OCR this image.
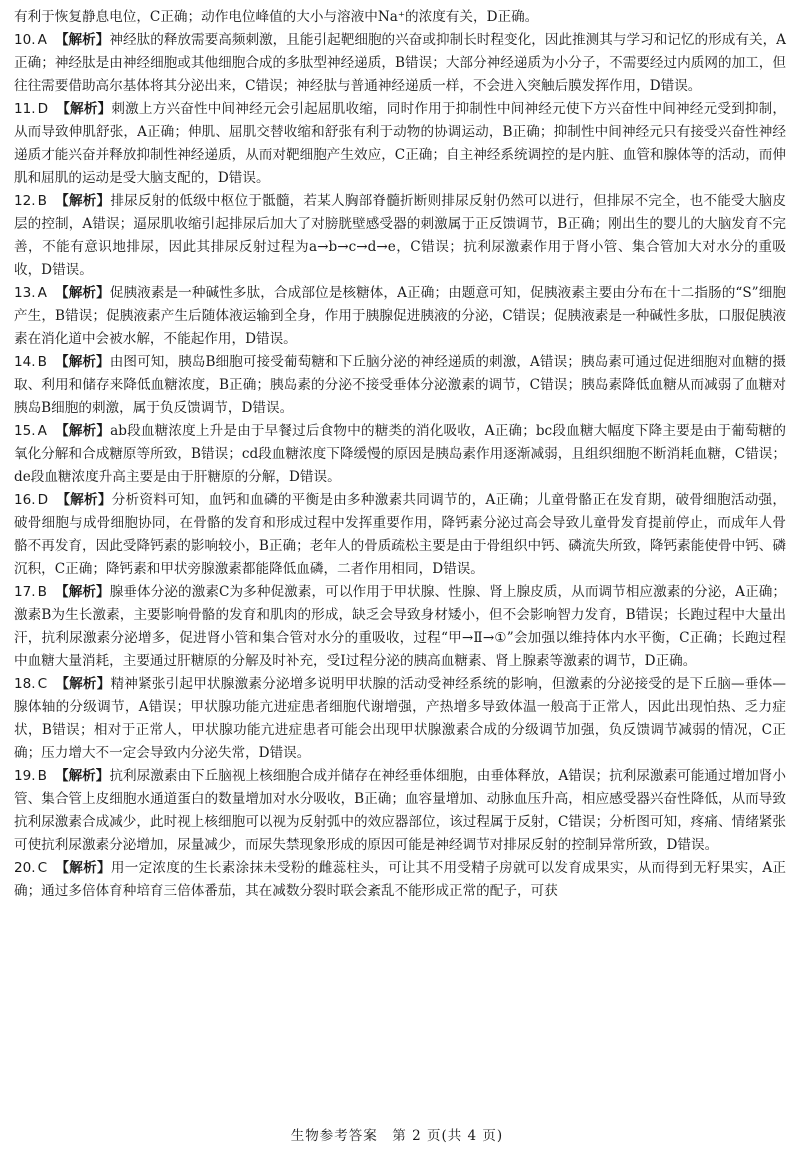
有利于恢复静息电位，C正确；动作电位峰值的大小与溶液中Na⁺的浓度有关，D正确。

10. A 【解析】神经肽的释放需要高频刺激，且能引起靶细胞的兴奋或抑制长时程变化，因此推测其与学习和记忆的形成有关，A正确；神经肽是由神经细胞或其他细胞合成的多肽型神经递质，B错误；大部分神经递质为小分子，不需要经过内质网的加工，但往往需要借助高尔基体将其分泌出来，C错误；神经肽与普通神经递质一样，不会进入突触后膜发挥作用，D错误。

11. D 【解析】刺激上方兴奋性中间神经元会引起屈肌收缩，同时作用于抑制性中间神经元使下方兴奋性中间神经元受到抑制，从而导致伸肌舒张，A正确；伸肌、屈肌交替收缩和舒张有利于动物的协调运动，B正确；抑制性中间神经元只有接受兴奋性神经递质才能兴奋并释放抑制性神经递质，从而对靶细胞产生效应，C正确；自主神经系统调控的是内脏、血管和腺体等的活动，而伸肌和屈肌的运动是受大脑支配的，D错误。

12. B 【解析】排尿反射的低级中枢位于骶髓，若某人胸部脊髓折断则排尿反射仍然可以进行，但排尿不完全，也不能受大脑皮层的控制，A错误；逼尿肌收缩引起排尿后加大了对膀胱壁感受器的刺激属于正反馈调节，B正确；刚出生的婴儿的大脑发育不完善，不能有意识地排尿，因此其排尿反射过程为a→b→c→d→e，C错误；抗利尿激素作用于肾小管、集合管加大对水分的重吸收，D错误。

13. A 【解析】促胰液素是一种碱性多肽，合成部位是核糖体，A正确；由题意可知，促胰液素主要由分布在十二指肠的“S”细胞产生，B错误；促胰液素产生后随体液运输到全身，作用于胰腺促进胰液的分泌，C错误；促胰液素是一种碱性多肽，口服促胰液素在消化道中会被水解，不能起作用，D错误。

14. B 【解析】由图可知，胰岛B细胞可接受葡萄糖和下丘脑分泌的神经递质的刺激，A错误；胰岛素可通过促进细胞对血糖的摄取、利用和储存来降低血糖浓度，B正确；胰岛素的分泌不接受垂体分泌激素的调节，C错误；胰岛素降低血糖从而减弱了血糖对胰岛B细胞的刺激，属于负反馈调节，D错误。

15. A 【解析】ab段血糖浓度上升是由于早餐过后食物中的糖类的消化吸收，A正确；bc段血糖大幅度下降主要是由于葡萄糖的氧化分解和合成糖原等所致，B错误；cd段血糖浓度下降缓慢的原因是胰岛素作用逐渐减弱，且组织细胞不断消耗血糖，C错误；de段血糖浓度升高主要是由于肝糖原的分解，D错误。

16. D 【解析】分析资料可知，血钙和血磷的平衡是由多种激素共同调节的，A正确；儿童骨骼正在发育期，破骨细胞活动强，破骨细胞与成骨细胞协同，在骨骼的发育和形成过程中发挥重要作用，降钙素分泌过高会导致儿童骨发育提前停止，而成年人骨骼不再发育，因此受降钙素的影响较小，B正确；老年人的骨质疏松主要是由于骨组织中钙、磷流失所致，降钙素能使骨中钙、磷沉积，C正确；降钙素和甲状旁腺激素都能降低血磷，二者作用相同，D错误。

17. B 【解析】腺垂体分泌的激素C为多种促激素，可以作用于甲状腺、性腺、肾上腺皮质，从而调节相应激素的分泌，A正确；激素B为生长激素，主要影响骨骼的发育和肌肉的形成，缺乏会导致身材矮小，但不会影响智力发育，B错误；长跑过程中大量出汗，抗利尿激素分泌增多，促进肾小管和集合管对水分的重吸收，过程“甲→Ⅱ→①”会加强以维持体内水平衡，C正确；长跑过程中血糖大量消耗，主要通过肝糖原的分解及时补充，受Ⅰ过程分泌的胰高血糖素、肾上腺素等激素的调节，D正确。

18. C 【解析】精神紧张引起甲状腺激素分泌增多说明甲状腺的活动受神经系统的影响，但激素的分泌接受的是下丘脑—垂体—腺体轴的分级调节，A错误；甲状腺功能亢进症患者细胞代谢增强，产热增多导致体温一般高于正常人，因此出现怕热、乏力症状，B错误；相对于正常人，甲状腺功能亢进症患者可能会出现甲状腺激素合成的分级调节加强，负反馈调节减弱的情况，C正确；压力增大不一定会导致内分泌失常，D错误。

19. B 【解析】抗利尿激素由下丘脑视上核细胞合成并储存在神经垂体细胞，由垂体释放，A错误；抗利尿激素可能通过增加肾小管、集合管上皮细胞水通道蛋白的数量增加对水分吸收，B正确；血容量增加、动脉血压升高，相应感受器兴奋性降低，从而导致抗利尿激素合成减少，此时视上核细胞可以视为反射弧中的效应器部位，该过程属于反射，C错误；分析图可知，疼痛、情绪紧张可使抗利尿激素分泌增加，尿量减少，而尿失禁现象形成的原因可能是神经调节对排尿反射的控制异常所致，D错误。

20. C 【解析】用一定浓度的生长素涂抹未受粉的雌蕊柱头，可让其不用受精子房就可以发育成果实，从而得到无籽果实，A正确；通过多倍体育种培育三倍体番茄，其在减数分裂时联会紊乱不能形成正常的配子，可获

生物参考答案　第 2 页(共 4 页)
